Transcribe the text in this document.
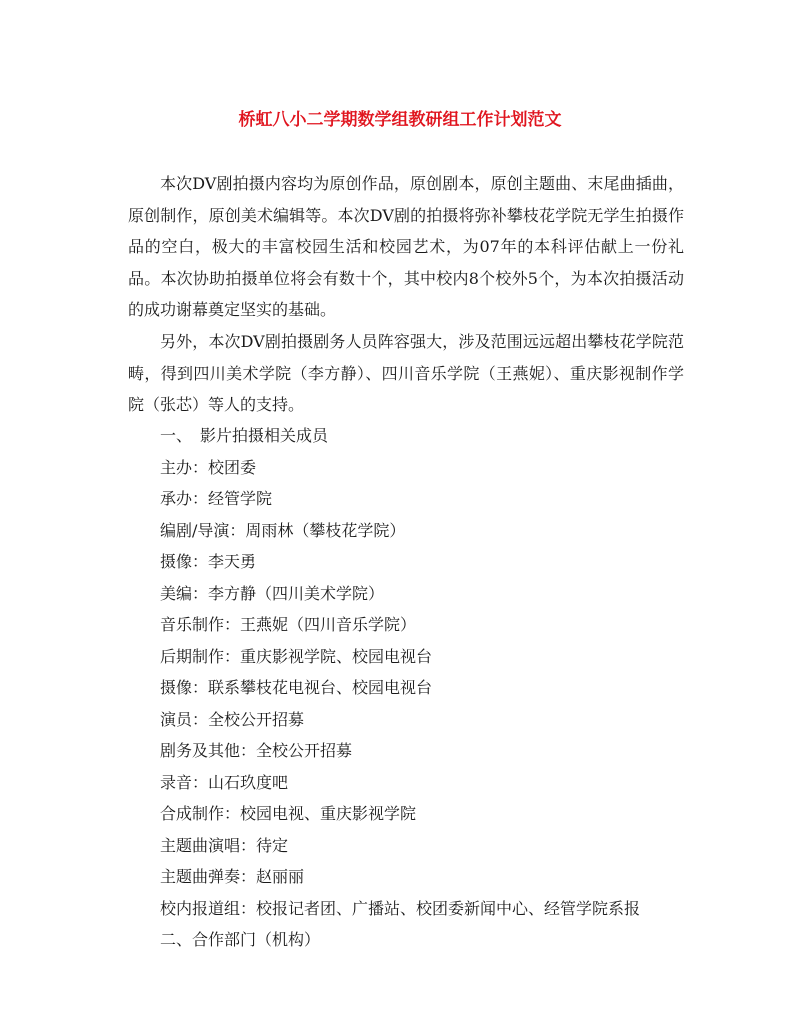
桥虹八小二学期数学组教研组工作计划范文

本次DV剧拍摄内容均为原创作品，原创剧本，原创主题曲、末尾曲插曲，原创制作，原创美术编辑等。本次DV剧的拍摄将弥补攀枝花学院无学生拍摄作品的空白，极大的丰富校园生活和校园艺术，为07年的本科评估献上一份礼品。本次协助拍摄单位将会有数十个，其中校内8个校外5个，为本次拍摄活动的成功谢幕奠定坚实的基础。

另外，本次DV剧拍摄剧务人员阵容强大，涉及范围远远超出攀枝花学院范畴，得到四川美术学院（李方静）、四川音乐学院（王燕妮）、重庆影视制作学院（张芯）等人的支持。

一、　影片拍摄相关成员
主办：校团委
承办：经管学院
编剧/导演：周雨林（攀枝花学院）
摄像：李天勇
美编：李方静（四川美术学院）
音乐制作：王燕妮（四川音乐学院）
后期制作：重庆影视学院、校园电视台
摄像：联系攀枝花电视台、校园电视台
演员：全校公开招募
剧务及其他：全校公开招募
录音：山石玖度吧
合成制作：校园电视、重庆影视学院
主题曲演唱：待定
主题曲弹奏：赵丽丽
校内报道组：校报记者团、广播站、校团委新闻中心、经管学院系报
二、合作部门（机构）
